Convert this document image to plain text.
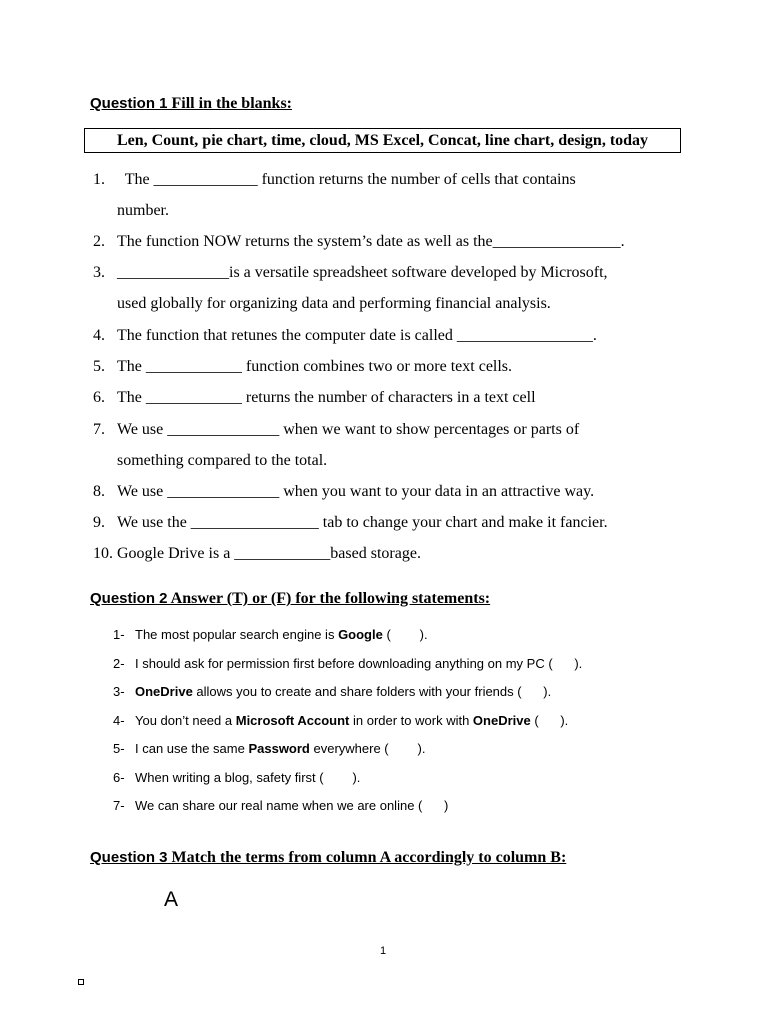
Question 1 Fill in the blanks:
Len, Count, pie chart, time, cloud, MS Excel, Concat, line chart, design, today
1.  The _____________ function returns the number of cells that contains

number.
2. The function NOW returns the system’s date as well as the________________.
3. ______________is a versatile spreadsheet software developed by Microsoft,

used globally for organizing data and performing financial analysis.
4. The function that retunes the computer date is called _________________.
5. The ____________ function combines two or more text cells.
6. The ____________ returns the number of characters in a text cell
7. We use ______________ when we want to show percentages or parts of

something compared to the total.
8. We use ______________ when you want to your data in an attractive way.
9. We use the ________________ tab to change your chart and make it fancier.
10. Google Drive is a ____________based storage.
Question 2 Answer (T) or (F) for the following statements:
1- The most popular search engine is Google (        ).
2- I should ask for permission first before downloading anything on my PC (      ).
3- OneDrive allows you to create and share folders with your friends (      ).
4- You don’t need a Microsoft Account in order to work with OneDrive (      ).
5- I can use the same Password everywhere (        ).
6- When writing a blog, safety first (        ).
7- We can share our real name when we are online (      )
Question 3 Match the terms from column A accordingly to column B:
A
1
